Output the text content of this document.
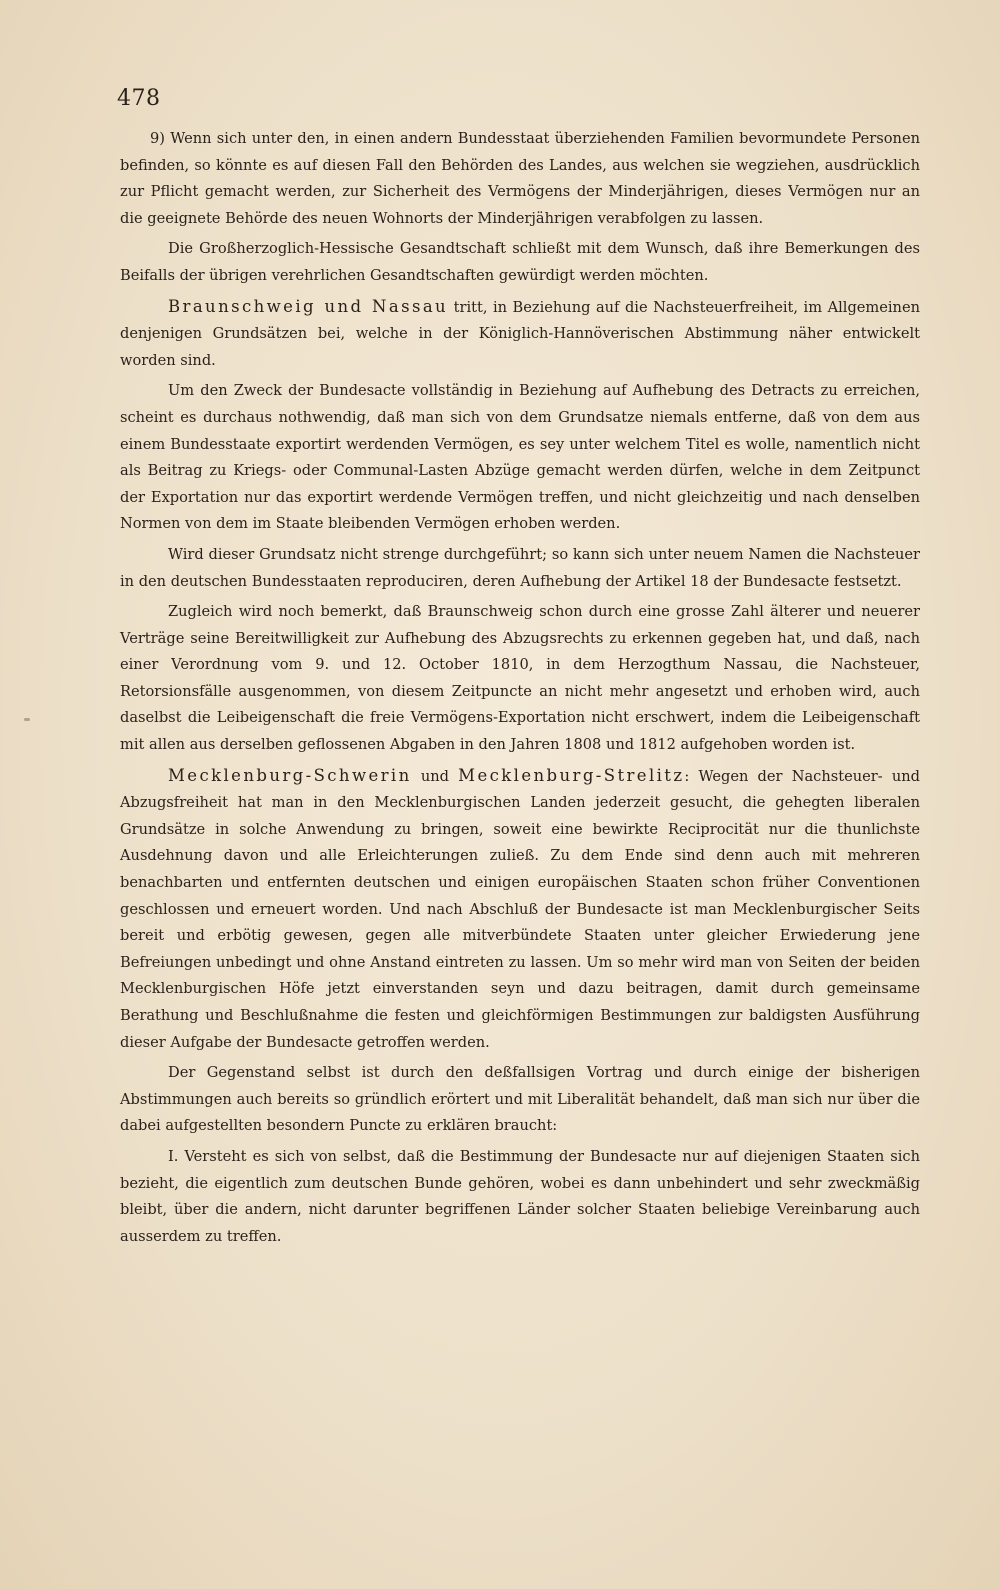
478

9) Wenn sich unter den, in einen andern Bundesstaat überziehenden Familien bevormundete Personen befinden, so könnte es auf diesen Fall den Behörden des Landes, aus welchen sie wegziehen, ausdrücklich zur Pflicht gemacht werden, zur Sicherheit des Vermögens der Minderjährigen, dieses Vermögen nur an die geeignete Behörde des neuen Wohnorts der Minderjährigen verabfolgen zu lassen.

Die Großherzoglich-Hessische Gesandtschaft schließt mit dem Wunsch, daß ihre Bemerkungen des Beifalls der übrigen verehrlichen Gesandtschaften gewürdigt werden möchten.

Braunschweig und Nassau tritt, in Beziehung auf die Nachsteuerfreiheit, im Allgemeinen denjenigen Grundsätzen bei, welche in der Königlich-Hannöverischen Abstimmung näher entwickelt worden sind.

Um den Zweck der Bundesacte vollständig in Beziehung auf Aufhebung des Detracts zu erreichen, scheint es durchaus nothwendig, daß man sich von dem Grundsatze niemals entferne, daß von dem aus einem Bundesstaate exportirt werdenden Vermögen, es sey unter welchem Titel es wolle, namentlich nicht als Beitrag zu Kriegs- oder Communal-Lasten Abzüge gemacht werden dürfen, welche in dem Zeitpunct der Exportation nur das exportirt werdende Vermögen treffen, und nicht gleichzeitig und nach denselben Normen von dem im Staate bleibenden Vermögen erhoben werden.

Wird dieser Grundsatz nicht strenge durchgeführt; so kann sich unter neuem Namen die Nachsteuer in den deutschen Bundesstaaten reproduciren, deren Aufhebung der Artikel 18 der Bundesacte festsetzt.

Zugleich wird noch bemerkt, daß Braunschweig schon durch eine grosse Zahl älterer und neuerer Verträge seine Bereitwilligkeit zur Aufhebung des Abzugsrechts zu erkennen gegeben hat, und daß, nach einer Verordnung vom 9. und 12. October 1810, in dem Herzogthum Nassau, die Nachsteuer, Retorsionsfälle ausgenommen, von diesem Zeitpuncte an nicht mehr angesetzt und erhoben wird, auch daselbst die Leibeigenschaft die freie Vermögens-Exportation nicht erschwert, indem die Leibeigenschaft mit allen aus derselben geflossenen Abgaben in den Jahren 1808 und 1812 aufgehoben worden ist.

Mecklenburg-Schwerin und Mecklenburg-Strelitz: Wegen der Nachsteuer- und Abzugsfreiheit hat man in den Mecklenburgischen Landen jederzeit gesucht, die gehegten liberalen Grundsätze in solche Anwendung zu bringen, soweit eine bewirkte Reciprocität nur die thunlichste Ausdehnung davon und alle Erleichterungen zuließ. Zu dem Ende sind denn auch mit mehreren benachbarten und entfernten deutschen und einigen europäischen Staaten schon früher Conventionen geschlossen und erneuert worden. Und nach Abschluß der Bundesacte ist man Mecklenburgischer Seits bereit und erbötig gewesen, gegen alle mitverbündete Staaten unter gleicher Erwiederung jene Befreiungen unbedingt und ohne Anstand eintreten zu lassen. Um so mehr wird man von Seiten der beiden Mecklenburgischen Höfe jetzt einverstanden seyn und dazu beitragen, damit durch gemeinsame Berathung und Beschlußnahme die festen und gleichförmigen Bestimmungen zur baldigsten Ausführung dieser Aufgabe der Bundesacte getroffen werden.

Der Gegenstand selbst ist durch den deßfallsigen Vortrag und durch einige der bisherigen Abstimmungen auch bereits so gründlich erörtert und mit Liberalität behandelt, daß man sich nur über die dabei aufgestellten besondern Puncte zu erklären braucht:

I. Versteht es sich von selbst, daß die Bestimmung der Bundesacte nur auf diejenigen Staaten sich bezieht, die eigentlich zum deutschen Bunde gehören, wobei es dann unbehindert und sehr zweckmäßig bleibt, über die andern, nicht darunter begriffenen Länder solcher Staaten beliebige Vereinbarung auch ausserdem zu treffen.
